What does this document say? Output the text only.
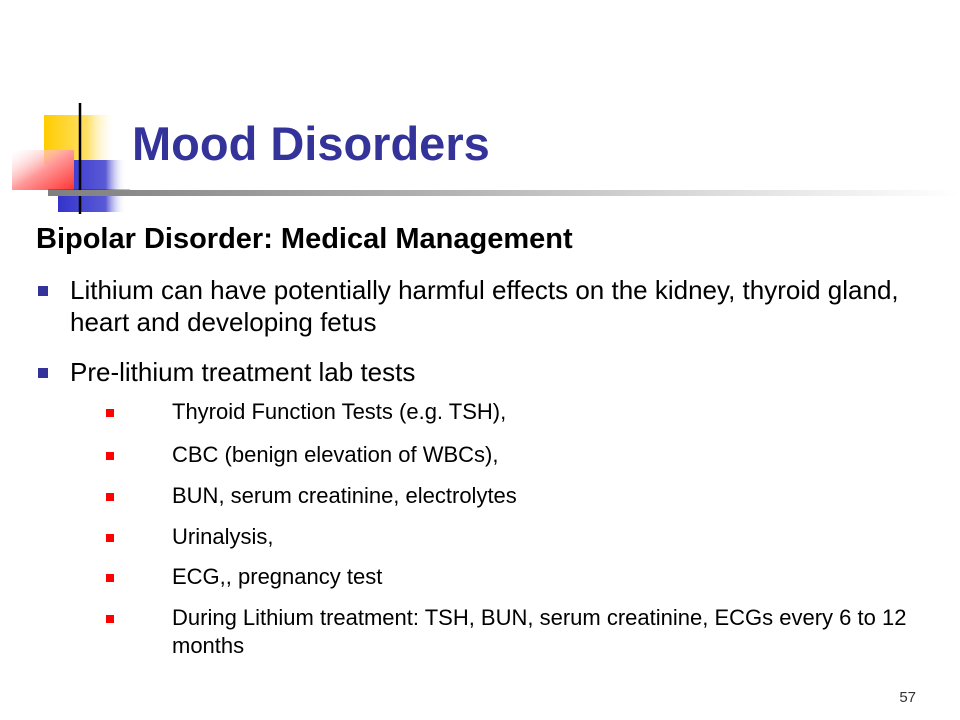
Mood Disorders
Bipolar Disorder: Medical Management
Lithium can have potentially harmful effects on the kidney, thyroid gland, heart and developing fetus
Pre-lithium treatment lab tests
Thyroid Function Tests (e.g. TSH),
CBC (benign elevation of WBCs),
BUN, serum creatinine, electrolytes
Urinalysis,
ECG,, pregnancy test
During Lithium treatment: TSH, BUN, serum creatinine, ECGs every 6 to 12 months
57
